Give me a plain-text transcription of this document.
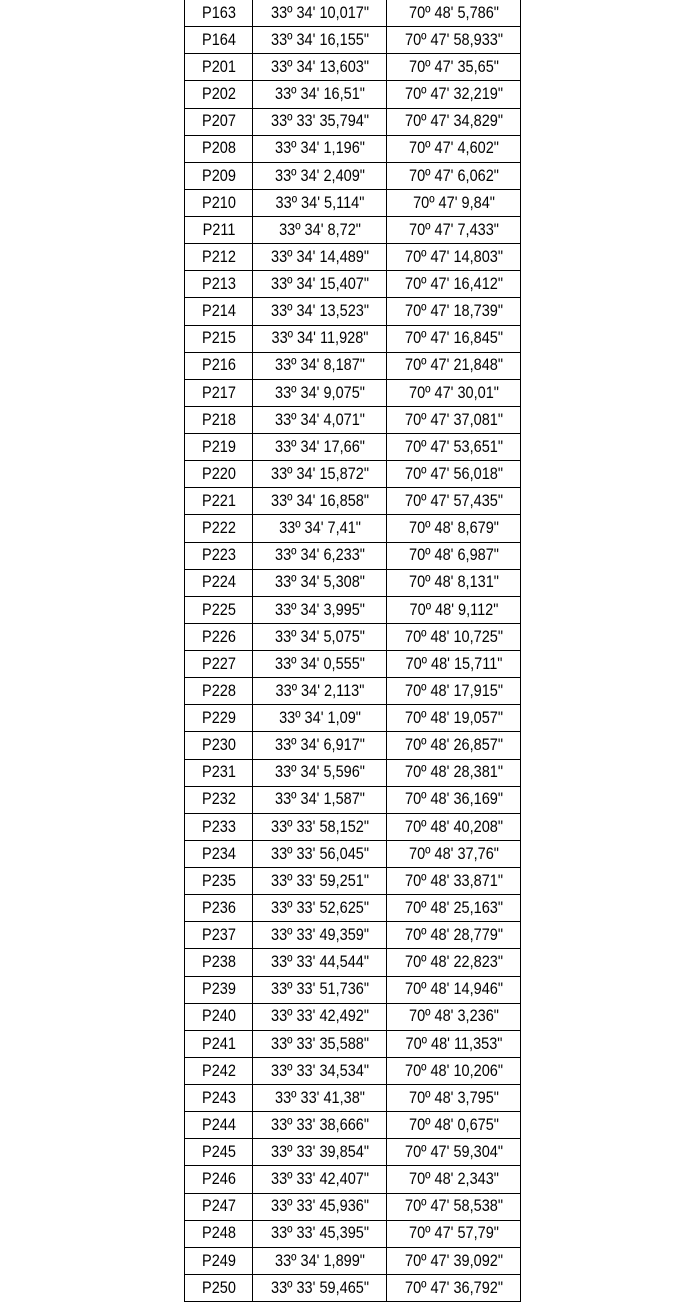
P163	33º 34' 10,017"	70º 48' 5,786"
P164	33º 34' 16,155"	70º 47' 58,933"
P201	33º 34' 13,603"	70º 47' 35,65"
P202	33º 34' 16,51"	70º 47' 32,219"
P207	33º 33' 35,794"	70º 47' 34,829"
P208	33º 34' 1,196"	70º 47' 4,602"
P209	33º 34' 2,409"	70º 47' 6,062"
P210	33º 34' 5,114"	70º 47' 9,84"
P211	33º 34' 8,72"	70º 47' 7,433"
P212	33º 34' 14,489"	70º 47' 14,803"
P213	33º 34' 15,407"	70º 47' 16,412"
P214	33º 34' 13,523"	70º 47' 18,739"
P215	33º 34' 11,928"	70º 47' 16,845"
P216	33º 34' 8,187"	70º 47' 21,848"
P217	33º 34' 9,075"	70º 47' 30,01"
P218	33º 34' 4,071"	70º 47' 37,081"
P219	33º 34' 17,66"	70º 47' 53,651"
P220	33º 34' 15,872"	70º 47' 56,018"
P221	33º 34' 16,858"	70º 47' 57,435"
P222	33º 34' 7,41"	70º 48' 8,679"
P223	33º 34' 6,233"	70º 48' 6,987"
P224	33º 34' 5,308"	70º 48' 8,131"
P225	33º 34' 3,995"	70º 48' 9,112"
P226	33º 34' 5,075"	70º 48' 10,725"
P227	33º 34' 0,555"	70º 48' 15,711"
P228	33º 34' 2,113"	70º 48' 17,915"
P229	33º 34' 1,09"	70º 48' 19,057"
P230	33º 34' 6,917"	70º 48' 26,857"
P231	33º 34' 5,596"	70º 48' 28,381"
P232	33º 34' 1,587"	70º 48' 36,169"
P233	33º 33' 58,152"	70º 48' 40,208"
P234	33º 33' 56,045"	70º 48' 37,76"
P235	33º 33' 59,251"	70º 48' 33,871"
P236	33º 33' 52,625"	70º 48' 25,163"
P237	33º 33' 49,359"	70º 48' 28,779"
P238	33º 33' 44,544"	70º 48' 22,823"
P239	33º 33' 51,736"	70º 48' 14,946"
P240	33º 33' 42,492"	70º 48' 3,236"
P241	33º 33' 35,588"	70º 48' 11,353"
P242	33º 33' 34,534"	70º 48' 10,206"
P243	33º 33' 41,38"	70º 48' 3,795"
P244	33º 33' 38,666"	70º 48' 0,675"
P245	33º 33' 39,854"	70º 47' 59,304"
P246	33º 33' 42,407"	70º 48' 2,343"
P247	33º 33' 45,936"	70º 47' 58,538"
P248	33º 33' 45,395"	70º 47' 57,79"
P249	33º 34' 1,899"	70º 47' 39,092"
P250	33º 33' 59,465"	70º 47' 36,792"
